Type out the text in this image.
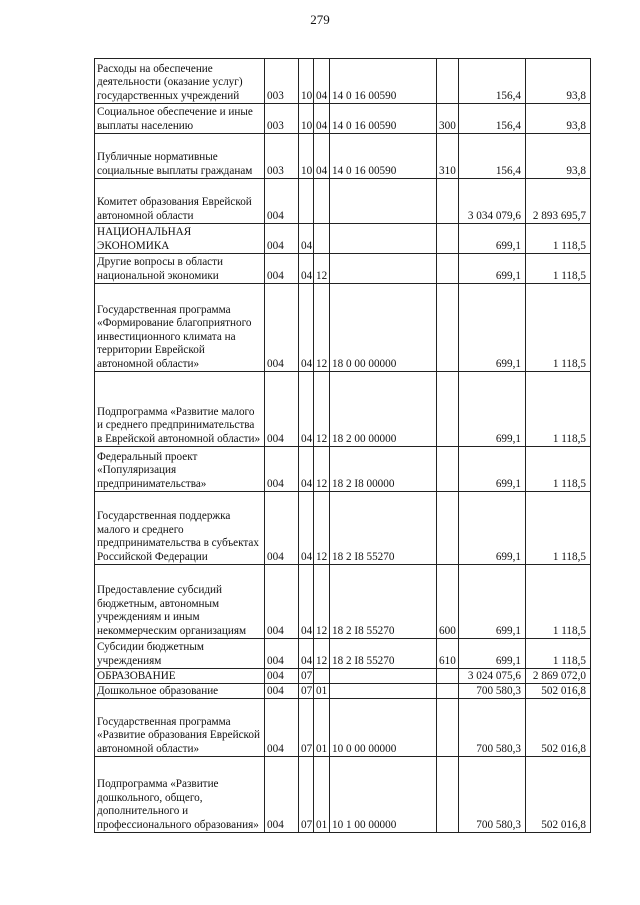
279
Расходы на обеспечение деятельности (оказание услуг) государственных учреждений	003	10	04	14 0 16 00590		156,4	93,8
Социальное обеспечение и иные выплаты населению	003	10	04	14 0 16 00590	300	156,4	93,8
Публичные нормативные социальные выплаты гражданам	003	10	04	14 0 16 00590	310	156,4	93,8
Комитет образования Еврейской автономной области	004					3 034 079,6	2 893 695,7
НАЦИОНАЛЬНАЯ ЭКОНОМИКА	004	04				699,1	1 118,5
Другие вопросы в области национальной экономики	004	04	12			699,1	1 118,5
Государственная программа «Формирование благоприятного инвестиционного климата на территории Еврейской автономной области»	004	04	12	18 0 00 00000		699,1	1 118,5
Подпрограмма «Развитие малого и среднего предпринимательства в Еврейской автономной области»	004	04	12	18 2 00 00000		699,1	1 118,5
Федеральный проект «Популяризация предпринимательства»	004	04	12	18 2 I8 00000		699,1	1 118,5
Государственная поддержка малого и среднего предпринимательства в субъектах Российской Федерации	004	04	12	18 2 I8 55270		699,1	1 118,5
Предоставление субсидий бюджетным, автономным учреждениям и иным некоммерческим организациям	004	04	12	18 2 I8 55270	600	699,1	1 118,5
Субсидии бюджетным учреждениям	004	04	12	18 2 I8 55270	610	699,1	1 118,5
ОБРАЗОВАНИЕ	004	07				3 024 075,6	2 869 072,0
Дошкольное образование	004	07	01			700 580,3	502 016,8
Государственная программа «Развитие образования Еврейской автономной области»	004	07	01	10 0 00 00000		700 580,3	502 016,8
Подпрограмма «Развитие дошкольного, общего, дополнительного и профессионального образования»	004	07	01	10 1 00 00000		700 580,3	502 016,8
